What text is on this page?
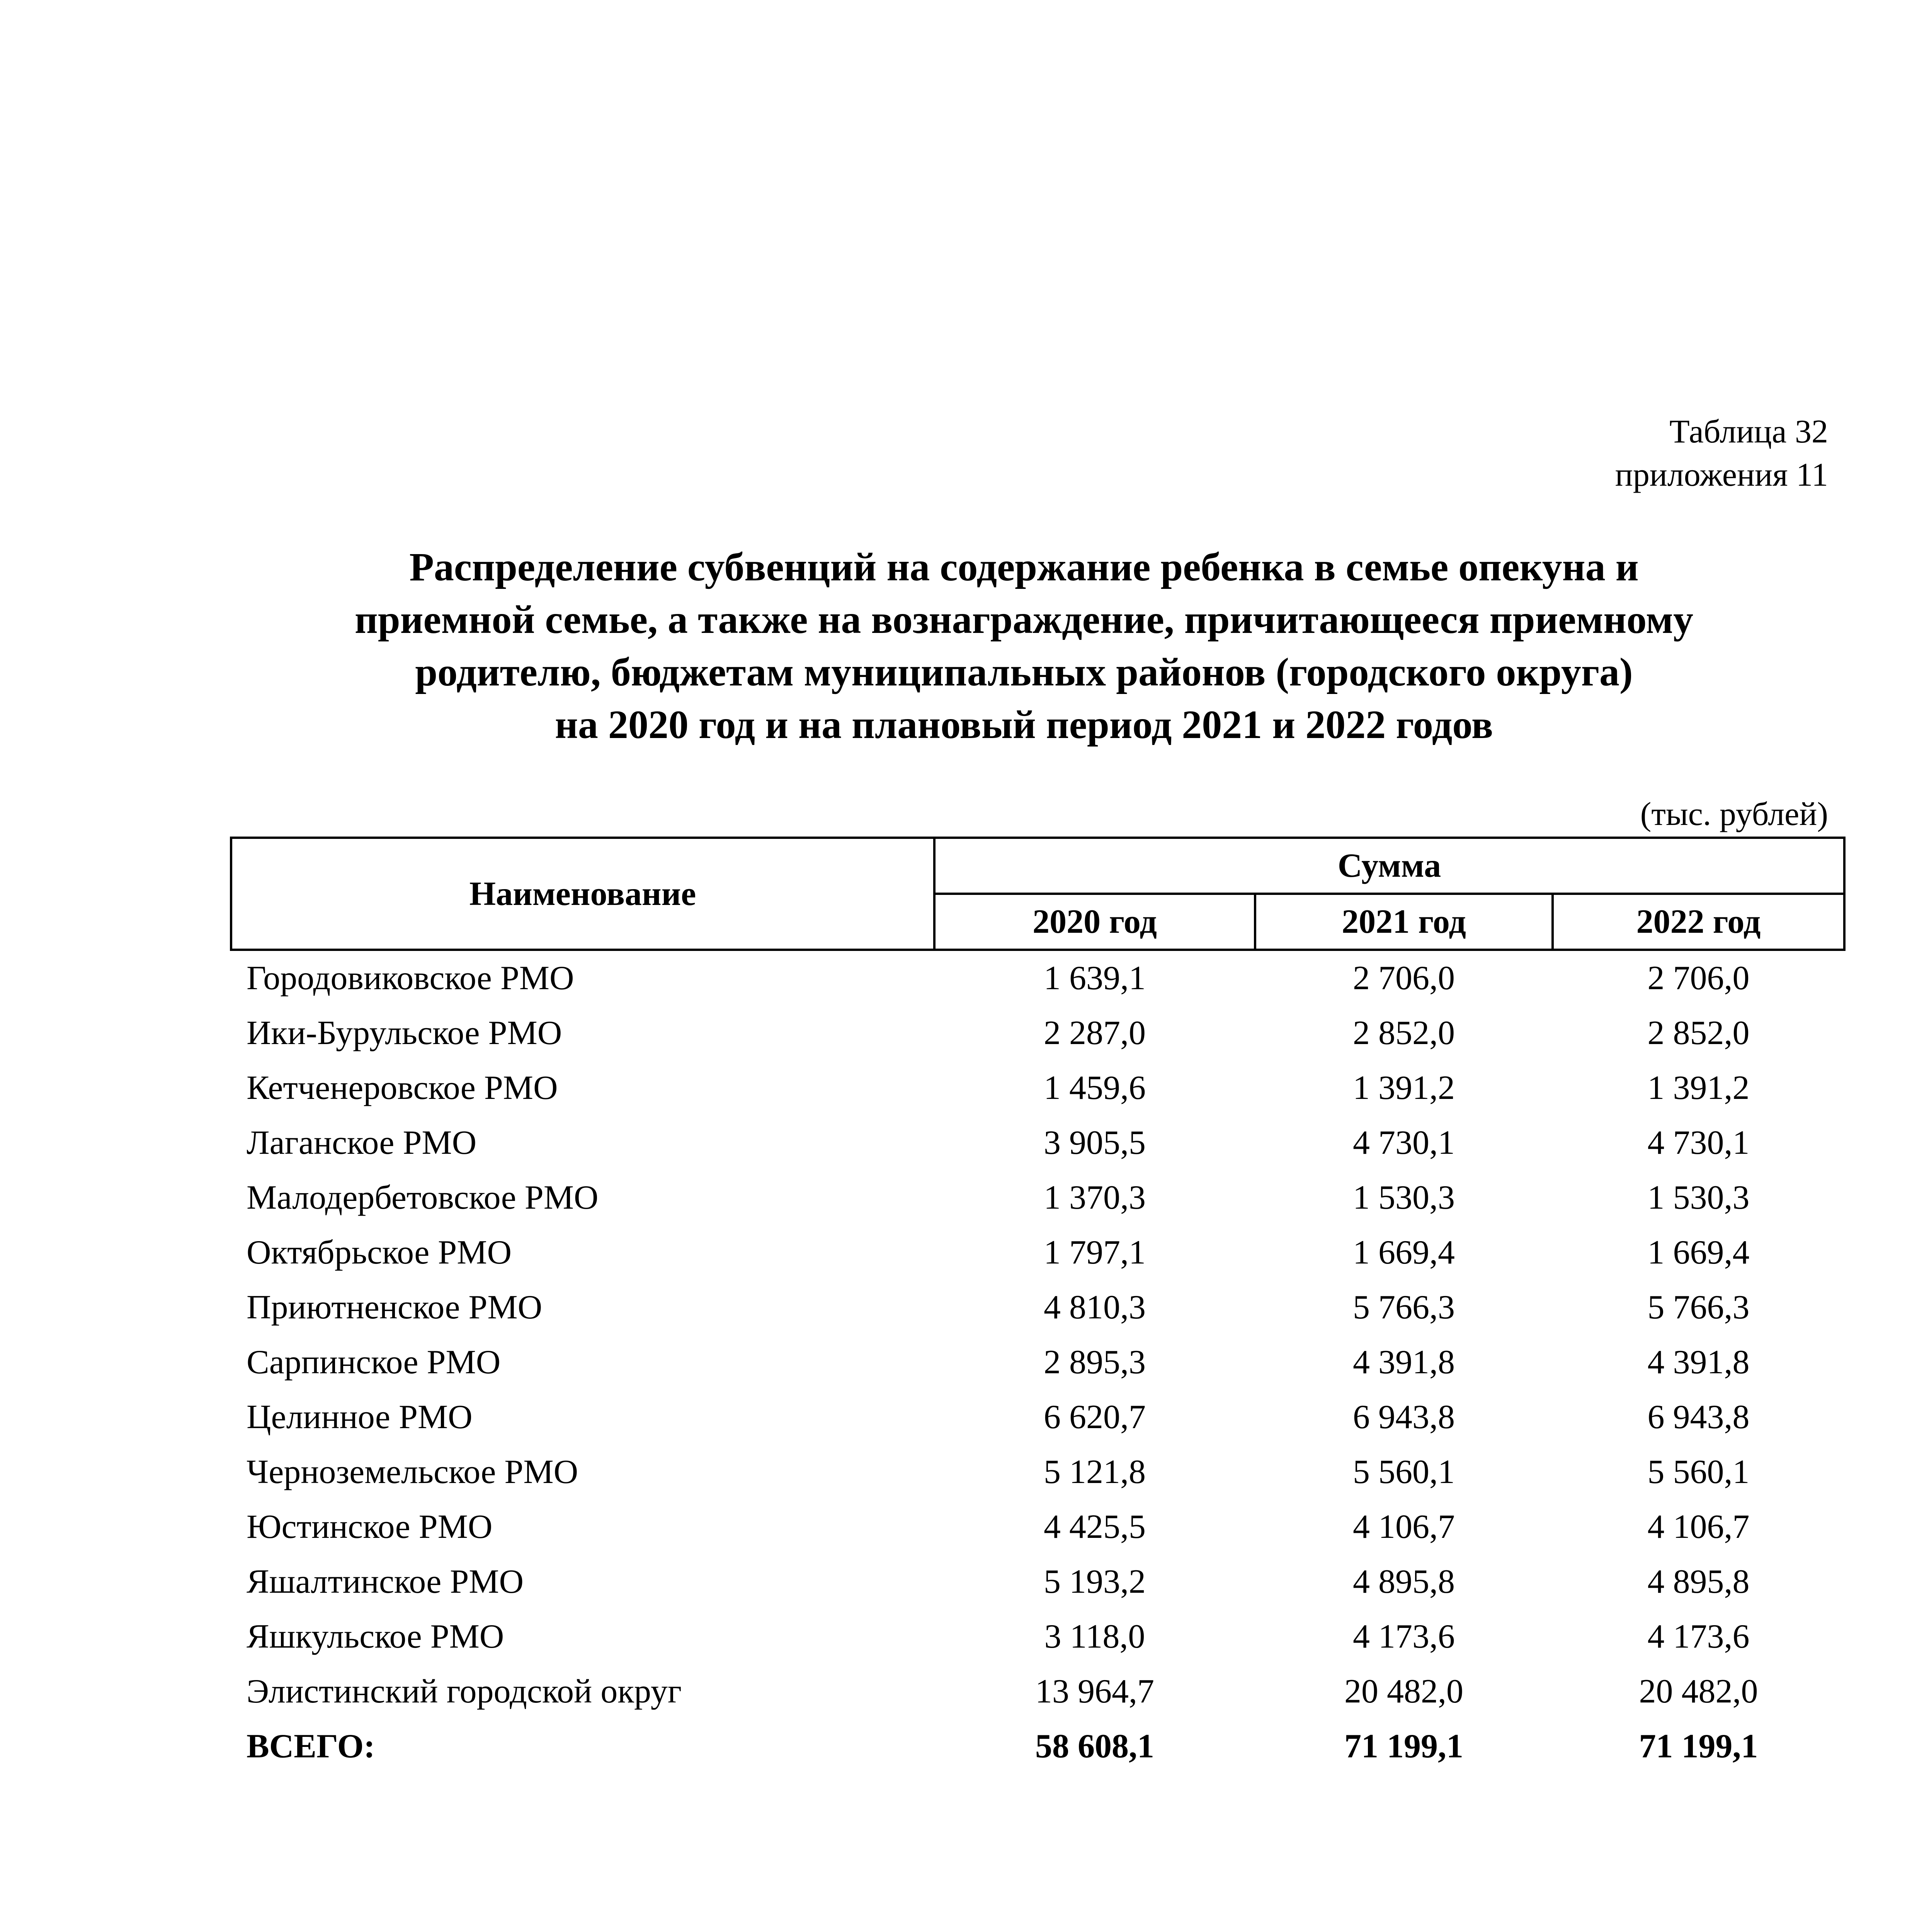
Таблица 32
приложения 11
Распределение субвенций на содержание ребенка в семье опекуна и
приемной семье, а также на вознаграждение, причитающееся приемному
родителю, бюджетам муниципальных районов (городского округа)
на 2020 год и на плановый период 2021 и 2022 годов
(тыс. рублей)
Наименование	Сумма		
	2020 год	2021 год	2022 год
Городовиковское РМО	1 639,1	2 706,0	2 706,0
Ики-Бурульское РМО	2 287,0	2 852,0	2 852,0
Кетченеровское РМО	1 459,6	1 391,2	1 391,2
Лаганское РМО	3 905,5	4 730,1	4 730,1
Малодербетовское РМО	1 370,3	1 530,3	1 530,3
Октябрьское РМО	1 797,1	1 669,4	1 669,4
Приютненское РМО	4 810,3	5 766,3	5 766,3
Сарпинское РМО	2 895,3	4 391,8	4 391,8
Целинное РМО	6 620,7	6 943,8	6 943,8
Черноземельское РМО	5 121,8	5 560,1	5 560,1
Юстинское РМО	4 425,5	4 106,7	4 106,7
Яшалтинское РМО	5 193,2	4 895,8	4 895,8
Яшкульское РМО	3 118,0	4 173,6	4 173,6
Элистинский городской округ	13 964,7	20 482,0	20 482,0
ВСЕГО:	58 608,1	71 199,1	71 199,1
